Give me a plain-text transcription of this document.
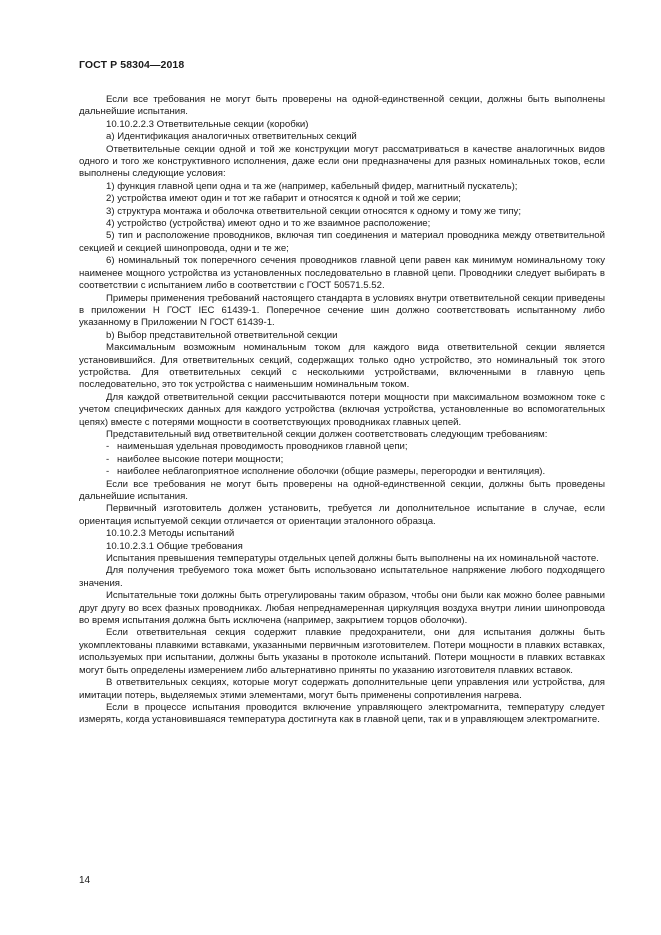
ГОСТ Р 58304—2018

Если все требования не могут быть проверены на одной-единственной секции, должны быть выполнены дальнейшие испытания.

10.10.2.2.3 Ответвительные секции (коробки)

а) Идентификация аналогичных ответвительных секций

Ответвительные секции одной и той же конструкции могут рассматриваться в качестве аналогичных видов одного и того же конструктивного исполнения, даже если они предназначены для разных номинальных токов, если выполнены следующие условия:

1) функция главной цепи одна и та же (например, кабельный фидер, магнитный пускатель);

2) устройства имеют один и тот же габарит и относятся к одной и той же серии;

3) структура монтажа и оболочка ответвительной секции относятся к одному и тому же типу;

4) устройство (устройства) имеют одно и то же взаимное расположение;

5) тип и расположение проводников, включая тип соединения и материал проводника между ответвительной секцией и секцией шинопровода, одни и те же;

6) номинальный ток поперечного сечения проводников главной цепи равен как минимум номинальному току наименее мощного устройства из установленных последовательно в главной цепи. Проводники следует выбирать в соответствии с испытанием либо в соответствии с ГОСТ 50571.5.52.

Примеры применения требований настоящего стандарта в условиях внутри ответвительной секции приведены в приложении Н ГОСТ IEC 61439-1. Поперечное сечение шин должно соответствовать испытанному либо указанному в Приложении N ГОСТ 61439-1.

b) Выбор представительной ответвительной секции

Максимальным возможным номинальным током для каждого вида ответвительной секции является установившийся. Для ответвительных секций, содержащих только одно устройство, это номинальный ток этого устройства. Для ответвительных секций с несколькими устройствами, включенными в главную цепь последовательно, это ток устройства с наименьшим номинальным током.

Для каждой ответвительной секции рассчитываются потери мощности при максимальном возможном токе с учетом специфических данных для каждого устройства (включая устройства, установленные во вспомогательных цепях) вместе с потерями мощности в соответствующих проводниках главных цепей.

Представительный вид ответвительной секции должен соответствовать следующим требованиям:

- наименьшая удельная проводимость проводников главной цепи;

- наиболее высокие потери мощности;

- наиболее неблагоприятное исполнение оболочки (общие размеры, перегородки и вентиляция).

Если все требования не могут быть проверены на одной-единственной секции, должны быть проведены дальнейшие испытания.

Первичный изготовитель должен установить, требуется ли дополнительное испытание в случае, если ориентация испытуемой секции отличается от ориентации эталонного образца.

10.10.2.3 Методы испытаний

10.10.2.3.1 Общие требования

Испытания превышения температуры отдельных цепей должны быть выполнены на их номинальной частоте.

Для получения требуемого тока может быть использовано испытательное напряжение любого подходящего значения.

Испытательные токи должны быть отрегулированы таким образом, чтобы они были как можно более равными друг другу во всех фазных проводниках. Любая непреднамеренная циркуляция воздуха внутри линии шинопровода во время испытания должна быть исключена (например, закрытием торцов оболочки).

Если ответвительная секция содержит плавкие предохранители, они для испытания должны быть укомплектованы плавкими вставками, указанными первичным изготовителем. Потери мощности в плавких вставках, используемых при испытании, должны быть указаны в протоколе испытаний. Потери мощности в плавких вставках могут быть определены измерением либо альтернативно приняты по указанию изготовителя плавких вставок.

В ответвительных секциях, которые могут содержать дополнительные цепи управления или устройства, для имитации потерь, выделяемых этими элементами, могут быть применены сопротивления нагрева.

Если в процессе испытания проводится включение управляющего электромагнита, температуру следует измерять, когда установившаяся температура достигнута как в главной цепи, так и в управляющем электромагните.

14
